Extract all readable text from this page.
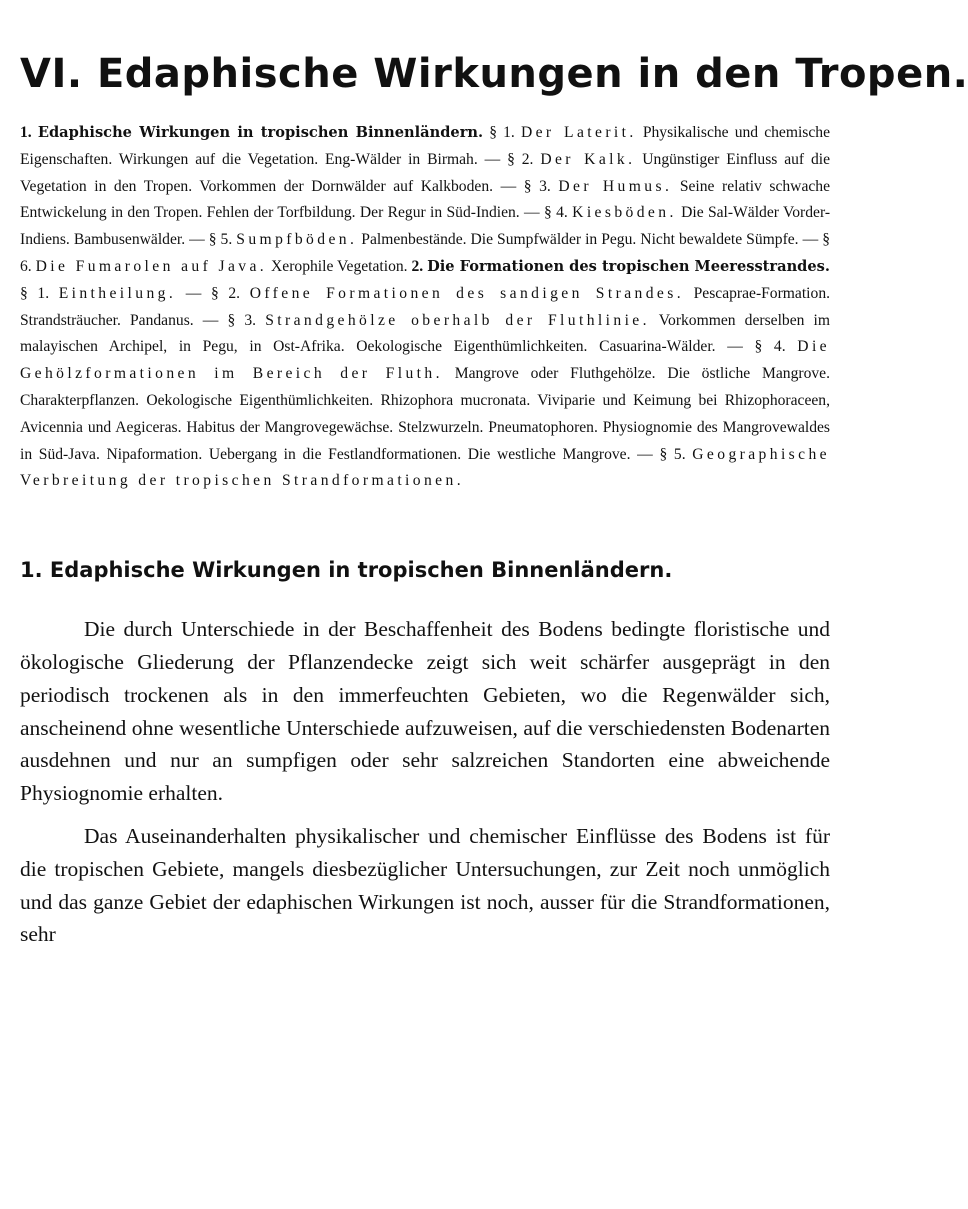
VI. Edaphische Wirkungen in den Tropen.

1. Edaphische Wirkungen in tropischen Binnenländern. § 1. Der Laterit. Physikalische und chemische Eigenschaften. Wirkungen auf die Vegetation. Eng-Wälder in Birmah. — § 2. Der Kalk. Ungünstiger Einfluss auf die Vegetation in den Tropen. Vorkommen der Dornwälder auf Kalkboden. — § 3. Der Humus. Seine relativ schwache Entwickelung in den Tropen. Fehlen der Torfbildung. Der Regur in Süd-Indien. — § 4. Kiesböden. Die Sal-Wälder Vorder-Indiens. Bambusenwälder. — § 5. Sumpfböden. Palmenbestände. Die Sumpfwälder in Pegu. Nicht bewaldete Sümpfe. — § 6. Die Fumarolen auf Java. Xerophile Vegetation. 2. Die Formationen des tropischen Meeresstrandes. § 1. Eintheilung. — § 2. Offene Formationen des sandigen Strandes. Pescaprae-Formation. Strandsträucher. Pandanus. — § 3. Strandgehölze oberhalb der Fluthlinie. Vorkommen derselben im malayischen Archipel, in Pegu, in Ost-Afrika. Oekologische Eigenthümlichkeiten. Casuarina-Wälder. — § 4. Die Gehölzformationen im Bereich der Fluth. Mangrove oder Fluthgehölze. Die östliche Mangrove. Charakterpflanzen. Oekologische Eigenthümlichkeiten. Rhizophora mucronata. Viviparie und Keimung bei Rhizophoraceen, Avicennia und Aegiceras. Habitus der Mangrovegewächse. Stelzwurzeln. Pneumatophoren. Physiognomie des Mangrovewaldes in Süd-Java. Nipaformation. Uebergang in die Festlandformationen. Die westliche Mangrove. — § 5. Geographische Verbreitung der tropischen Strandformationen.

1. Edaphische Wirkungen in tropischen Binnenländern.

Die durch Unterschiede in der Beschaffenheit des Bodens bedingte floristische und ökologische Gliederung der Pflanzendecke zeigt sich weit schärfer ausgeprägt in den periodisch trockenen als in den immerfeuchten Gebieten, wo die Regenwälder sich, anscheinend ohne wesentliche Unterschiede aufzuweisen, auf die verschiedensten Bodenarten ausdehnen und nur an sumpfigen oder sehr salzreichen Standorten eine abweichende Physiognomie erhalten.

Das Auseinanderhalten physikalischer und chemischer Einflüsse des Bodens ist für die tropischen Gebiete, mangels diesbezüglicher Untersuchungen, zur Zeit noch unmöglich und das ganze Gebiet der edaphischen Wirkungen ist noch, ausser für die Strandformationen, sehr
